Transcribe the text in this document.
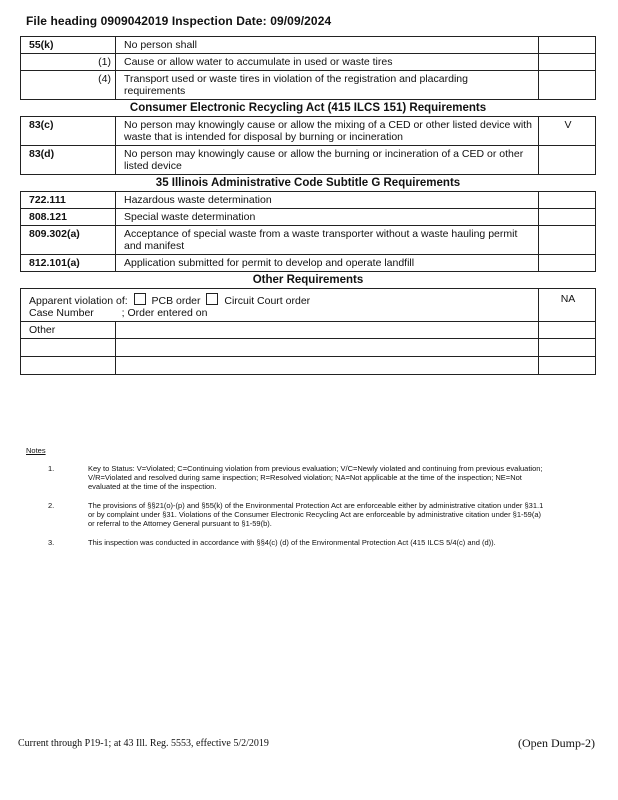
File heading 0909042019 Inspection Date: 09/09/2024
55(k)	No person shall	
(1)	Cause or allow water to accumulate in used or waste tires	
(4)	Transport used or waste tires in violation of the registration and placarding requirements	
Consumer Electronic Recycling Act (415 ILCS 151) Requirements		
83(c)	No person may knowingly cause or allow the mixing of a CED or other listed device with waste that is intended for disposal by burning or incineration	V
83(d)	No person may knowingly cause or allow the burning or incineration of a CED or other listed device	
35 Illinois Administrative Code Subtitle G Requirements		
722.111	Hazardous waste determination	
808.121	Special waste determination	
809.302(a)	Acceptance of special waste from a waste transporter without a waste hauling permit and manifest	
812.101(a)	Application submitted for permit to develop and operate landfill	
Other Requirements		
Apparent violation of: PCB order Circuit Court order
Case Number ; Order entered on		NA
Other		

Notes
1.	Key to Status: V=Violated; C=Continuing violation from previous evaluation; V/C=Newly violated and continuing from previous evaluation; V/R=Violated and resolved during same inspection; R=Resolved violation; NA=Not applicable at the time of the inspection; NE=Not evaluated at the time of the inspection.
2.	The provisions of §§21(o)-(p) and §55(k) of the Environmental Protection Act are enforceable either by administrative citation under §31.1 or by complaint under §31. Violations of the Consumer Electronic Recycling Act are enforceable by administrative citation under §1-59(a) or referral to the Attorney General pursuant to §1-59(b).
3.	This inspection was conducted in accordance with §§4(c) (d) of the Environmental Protection Act (415 ILCS 5/4(c) and (d)).
Current through P19-1; at 43 Ill. Reg. 5553, effective 5/2/2019	(Open Dump-2)
